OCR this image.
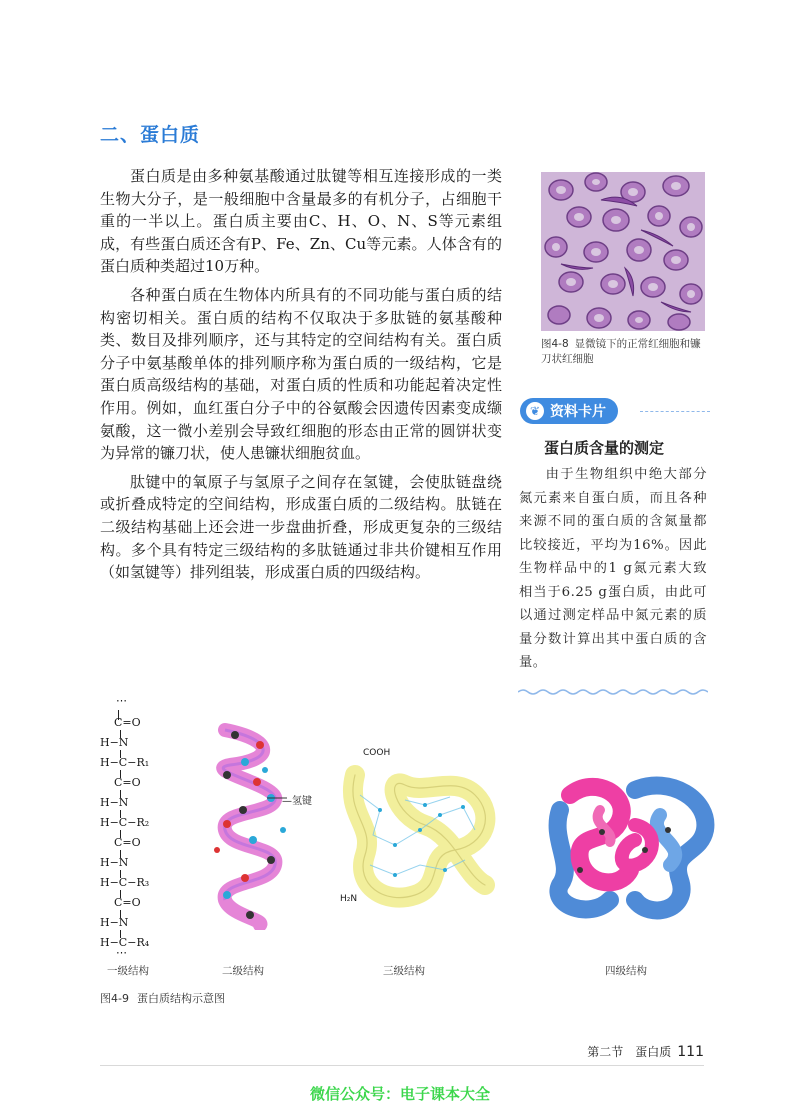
二、蛋白质

蛋白质是由多种氨基酸通过肽键等相互连接形成的一类生物大分子，是一般细胞中含量最多的有机分子，占细胞干重的一半以上。蛋白质主要由C、H、O、N、S等元素组成，有些蛋白质还含有P、Fe、Zn、Cu等元素。人体含有的蛋白质种类超过10万种。

各种蛋白质在生物体内所具有的不同功能与蛋白质的结构密切相关。蛋白质的结构不仅取决于多肽链的氨基酸种类、数目及排列顺序，还与其特定的空间结构有关。蛋白质分子中氨基酸单体的排列顺序称为蛋白质的一级结构，它是蛋白质高级结构的基础，对蛋白质的性质和功能起着决定性作用。例如，血红蛋白分子中的谷氨酸会因遗传因素变成缬氨酸，这一微小差别会导致红细胞的形态由正常的圆饼状变为异常的镰刀状，使人患镰状细胞贫血。

肽键中的氧原子与氢原子之间存在氢键，会使肽链盘绕或折叠成特定的空间结构，形成蛋白质的二级结构。肽链在二级结构基础上还会进一步盘曲折叠，形成更复杂的三级结构。多个具有特定三级结构的多肽链通过非共价键相互作用（如氢键等）排列组装，形成蛋白质的四级结构。

图4-8 显微镜下的正常红细胞和镰刀状红细胞
❦ 资料卡片
蛋白质含量的测定

由于生物组织中绝大部分氮元素来自蛋白质，而且各种来源不同的蛋白质的含氮量都比较接近，平均为16%。因此生物样品中的1 g氮元素大致相当于6.25 g蛋白质，由此可以通过测定样品中氮元素的质量分数计算出其中蛋白质的含量。

⋯
C=O
H−N
H−C−R₁
C=O
H−N
H−C−R₂
C=O
H−N
H−C−R₃
C=O
H−N
H−C−R₄
⋯
—氢键
COOH
H₂N
一级结构	二级结构	三级结构	四级结构
图4-9 蛋白质结构示意图
第二节　蛋白质 111
微信公众号：电子课本大全
